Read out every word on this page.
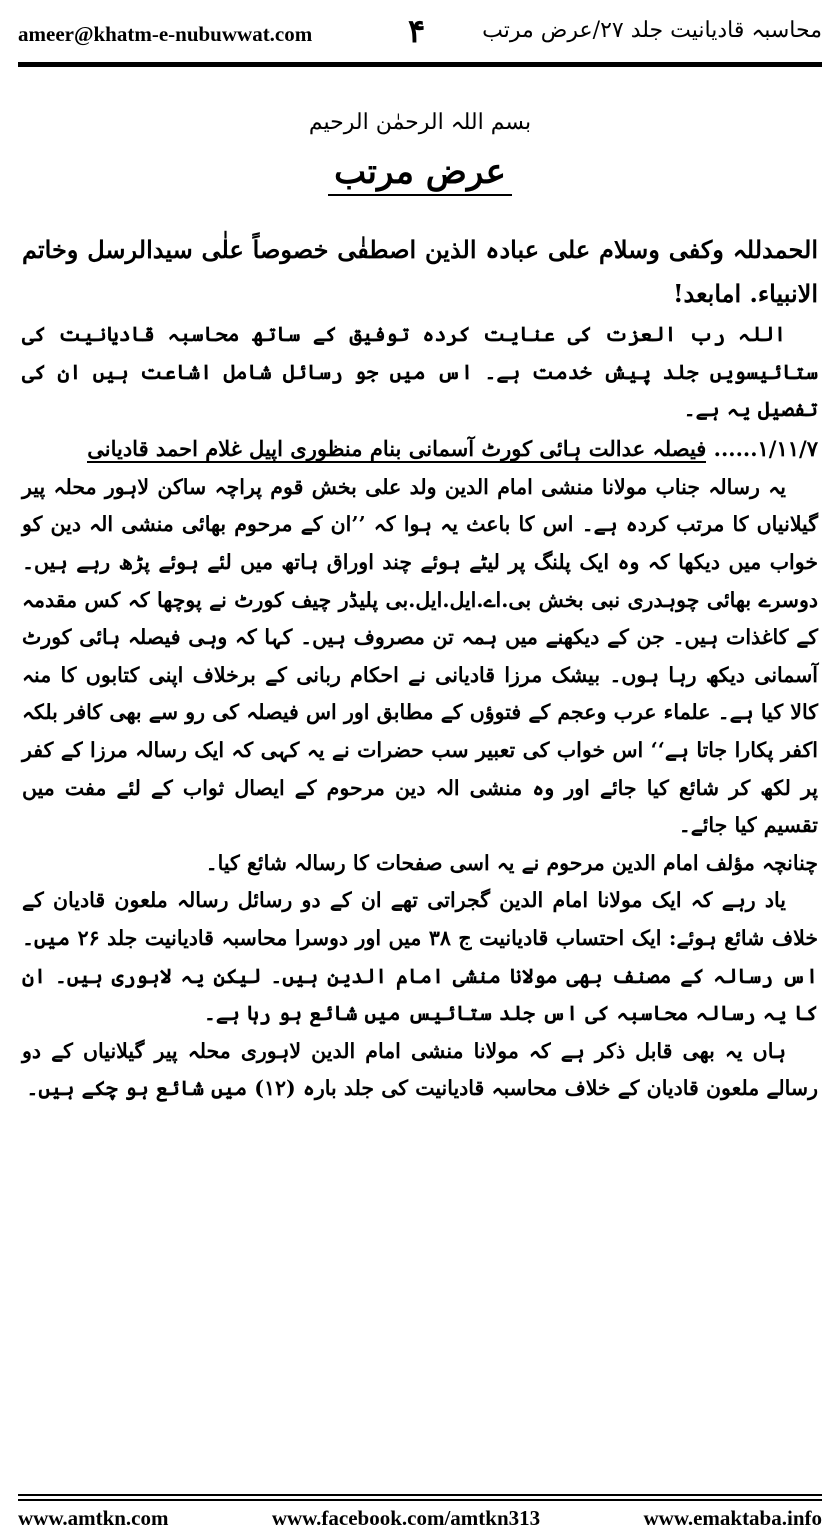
ameer@khatm-e-nubuwwat.com	۴	محاسبہ قادیانیت جلد ۲۷/عرض مرتب
بسم اللہ الرحمٰن الرحیم
عرض مرتب

الحمدللہ وکفی وسلام علی عبادہ الذین اصطفٰی خصوصاً علٰی سیدالرسل وخاتم الانبیاء. امابعد!

اللہ رب العزت کی عنایت کردہ توفیق کے ساتھ محاسبہ قادیانیت کی ستائیسویں جلد پیش خدمت ہے۔ اس میں جو رسائل شامل اشاعت ہیں ان کی تفصیل یہ ہے۔

۱/۱۱/۷...... فیصلہ عدالت ہائی کورٹ آسمانی بنام منظوری اپیل غلام احمد قادیانی

یہ رسالہ جناب مولانا منشی امام الدین ولد علی بخش قوم پراچہ ساکن لاہور محلہ پیر گیلانیاں کا مرتب کردہ ہے۔ اس کا باعث یہ ہوا کہ ’’ان کے مرحوم بھائی منشی الہ دین کو خواب میں دیکھا کہ وہ ایک پلنگ پر لیٹے ہوئے چند اوراق ہاتھ میں لئے ہوئے پڑھ رہے ہیں۔ دوسرے بھائی چوہدری نبی بخش بی.اے.ایل.ایل.بی پلیڈر چیف کورٹ نے پوچھا کہ کس مقدمہ کے کاغذات ہیں۔ جن کے دیکھنے میں ہمہ تن مصروف ہیں۔ کہا کہ وہی فیصلہ ہائی کورٹ آسمانی دیکھ رہا ہوں۔ بیشک مرزا قادیانی نے احکام ربانی کے برخلاف اپنی کتابوں کا منہ کالا کیا ہے۔ علماء عرب وعجم کے فتوؤں کے مطابق اور اس فیصلہ کی رو سے بھی کافر بلکہ اکفر پکارا جاتا ہے‘‘ اس خواب کی تعبیر سب حضرات نے یہ کہی کہ ایک رسالہ مرزا کے کفر پر لکھ کر شائع کیا جائے اور وہ منشی الہ دین مرحوم کے ایصال ثواب کے لئے مفت میں تقسیم کیا جائے۔

چنانچہ مؤلف امام الدین مرحوم نے یہ اسی صفحات کا رسالہ شائع کیا۔

یاد رہے کہ ایک مولانا امام الدین گجراتی تھے ان کے دو رسائل رسالہ ملعون قادیان کے خلاف شائع ہوئے: ایک احتساب قادیانیت ج ۳۸ میں اور دوسرا محاسبہ قادیانیت جلد ۲۶ میں۔ اس رسالہ کے مصنف بھی مولانا منشی امام الدین ہیں۔ لیکن یہ لاہوری ہیں۔ ان کا یہ رسالہ محاسبہ کی اس جلد ستائیس میں شائع ہو رہا ہے۔

ہاں یہ بھی قابل ذکر ہے کہ مولانا منشی امام الدین لاہوری محلہ پیر گیلانیاں کے دو رسالے ملعون قادیان کے خلاف محاسبہ قادیانیت کی جلد بارہ (۱۲) میں شائع ہو چکے ہیں۔

www.amtkn.com	www.facebook.com/amtkn313	www.emaktaba.info
